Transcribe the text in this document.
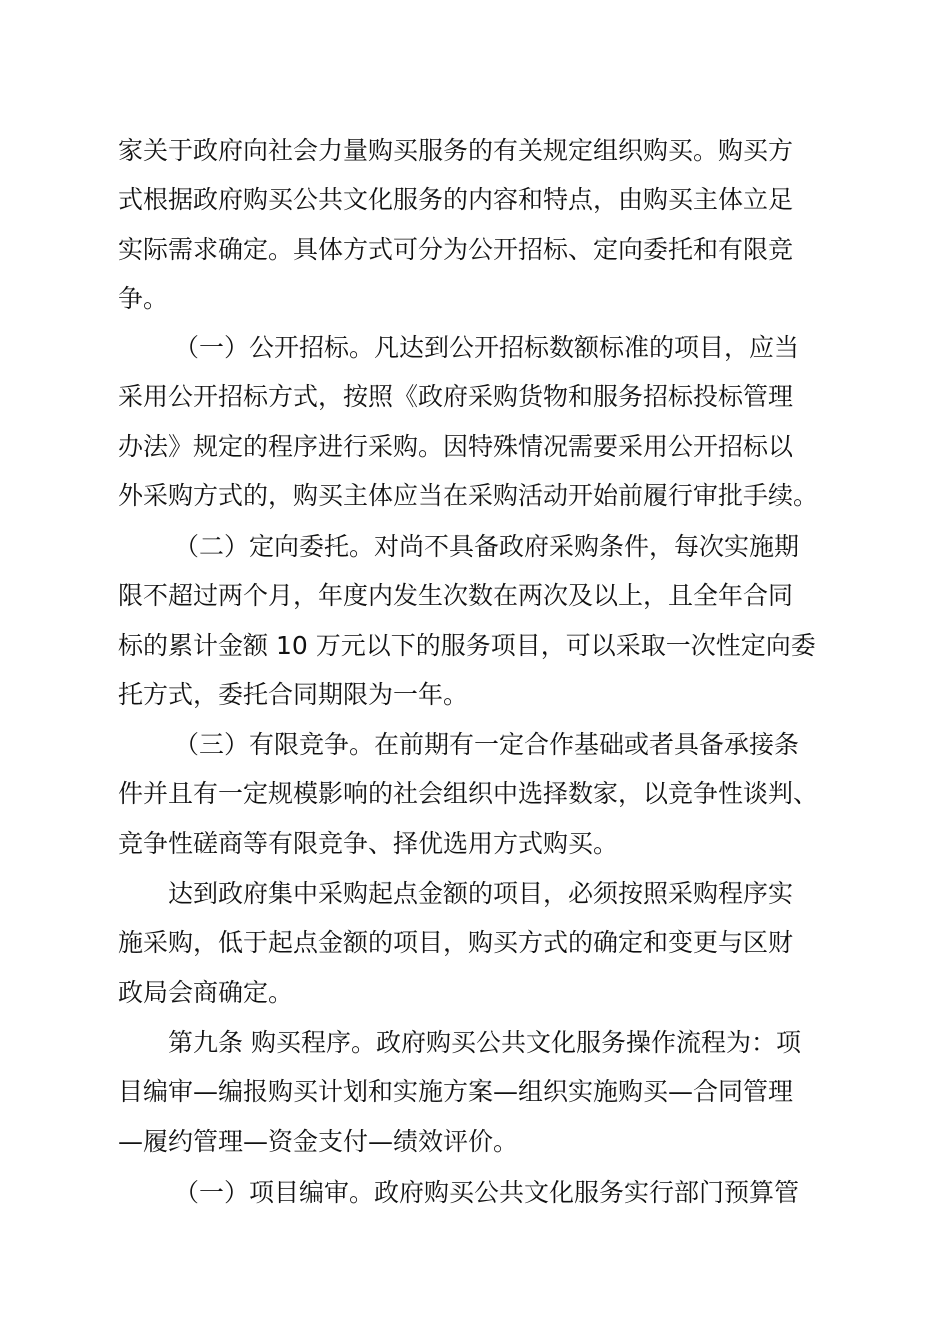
家关于政府向社会力量购买服务的有关规定组织购买。购买方
式根据政府购买公共文化服务的内容和特点，由购买主体立足
实际需求确定。具体方式可分为公开招标、定向委托和有限竞
争。
（一）公开招标。凡达到公开招标数额标准的项目，应当
采用公开招标方式，按照《政府采购货物和服务招标投标管理
办法》规定的程序进行采购。因特殊情况需要采用公开招标以
外采购方式的，购买主体应当在采购活动开始前履行审批手续。
（二）定向委托。对尚不具备政府采购条件，每次实施期
限不超过两个月，年度内发生次数在两次及以上，且全年合同
标的累计金额 10 万元以下的服务项目，可以采取一次性定向委
托方式，委托合同期限为一年。
（三）有限竞争。在前期有一定合作基础或者具备承接条
件并且有一定规模影响的社会组织中选择数家，以竞争性谈判、
竞争性磋商等有限竞争、择优选用方式购买。
达到政府集中采购起点金额的项目，必须按照采购程序实
施采购，低于起点金额的项目，购买方式的确定和变更与区财
政局会商确定。
第九条 购买程序。政府购买公共文化服务操作流程为：项
目编审—编报购买计划和实施方案—组织实施购买—合同管理
—履约管理—资金支付—绩效评价。
（一）项目编审。政府购买公共文化服务实行部门预算管
